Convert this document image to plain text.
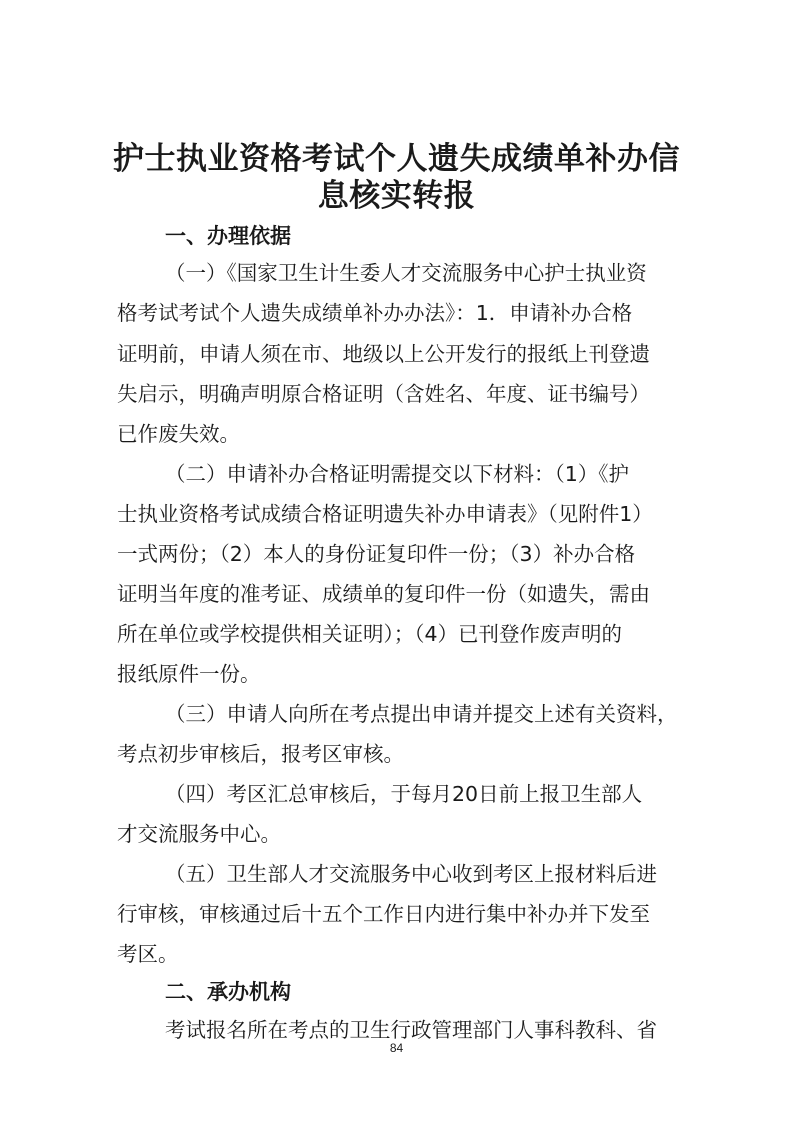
护士执业资格考试个人遗失成绩单补办信
息核实转报
一、办理依据

（一）《国家卫生计生委人才交流服务中心护士执业资

格考试考试个人遗失成绩单补办办法》：1．申请补办合格

证明前，申请人须在市、地级以上公开发行的报纸上刊登遗

失启示，明确声明原合格证明（含姓名、年度、证书编号）

已作废失效。

（二）申请补办合格证明需提交以下材料：（1）《护

士执业资格考试成绩合格证明遗失补办申请表》（见附件1）

一式两份；（2）本人的身份证复印件一份；（3）补办合格

证明当年度的准考证、成绩单的复印件一份（如遗失，需由

所在单位或学校提供相关证明）；（4）已刊登作废声明的

报纸原件一份。

（三）申请人向所在考点提出申请并提交上述有关资料，

考点初步审核后，报考区审核。

（四）考区汇总审核后，于每月20日前上报卫生部人

才交流服务中心。

（五）卫生部人才交流服务中心收到考区上报材料后进

行审核，审核通过后十五个工作日内进行集中补办并下发至

考区。

二、承办机构

考试报名所在考点的卫生行政管理部门人事科教科、省

84
